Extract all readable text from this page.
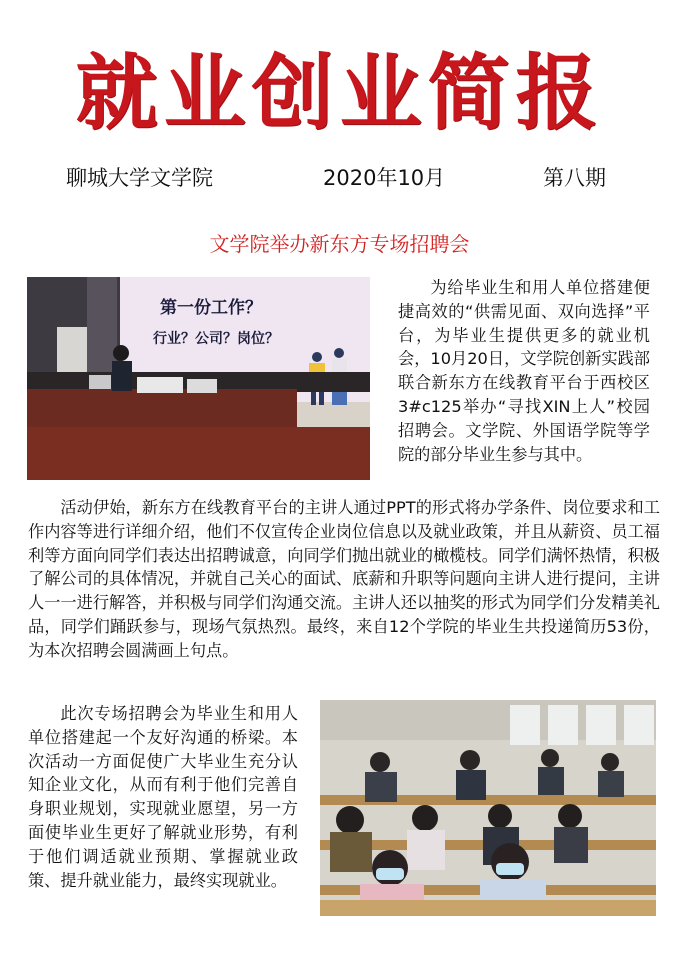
就业创业简报
聊城大学文学院	2020年10月	第八期
文学院举办新东方专场招聘会
第一份工作？
行业？公司？岗位？
为给毕业生和用人单位搭建便捷高效的“供需见面、双向选择”平台，为毕业生提供更多的就业机会，10月20日，文学院创新实践部联合新东方在线教育平台于西校区3#c125举办“寻找XIN上人”校园招聘会。文学院、外国语学院等学院的部分毕业生参与其中。
活动伊始，新东方在线教育平台的主讲人通过PPT的形式将办学条件、岗位要求和工作内容等进行详细介绍，他们不仅宣传企业岗位信息以及就业政策，并且从薪资、员工福利等方面向同学们表达出招聘诚意，向同学们抛出就业的橄榄枝。同学们满怀热情，积极了解公司的具体情况，并就自己关心的面试、底薪和升职等问题向主讲人进行提问，主讲人一一进行解答，并积极与同学们沟通交流。主讲人还以抽奖的形式为同学们分发精美礼品，同学们踊跃参与，现场气氛热烈。最终，来自12个学院的毕业生共投递简历53份，为本次招聘会圆满画上句点。
此次专场招聘会为毕业生和用人单位搭建起一个友好沟通的桥梁。本次活动一方面促使广大毕业生充分认知企业文化，从而有利于他们完善自身职业规划，实现就业愿望，另一方面使毕业生更好了解就业形势，有利于他们调适就业预期、掌握就业政策、提升就业能力，最终实现就业。
